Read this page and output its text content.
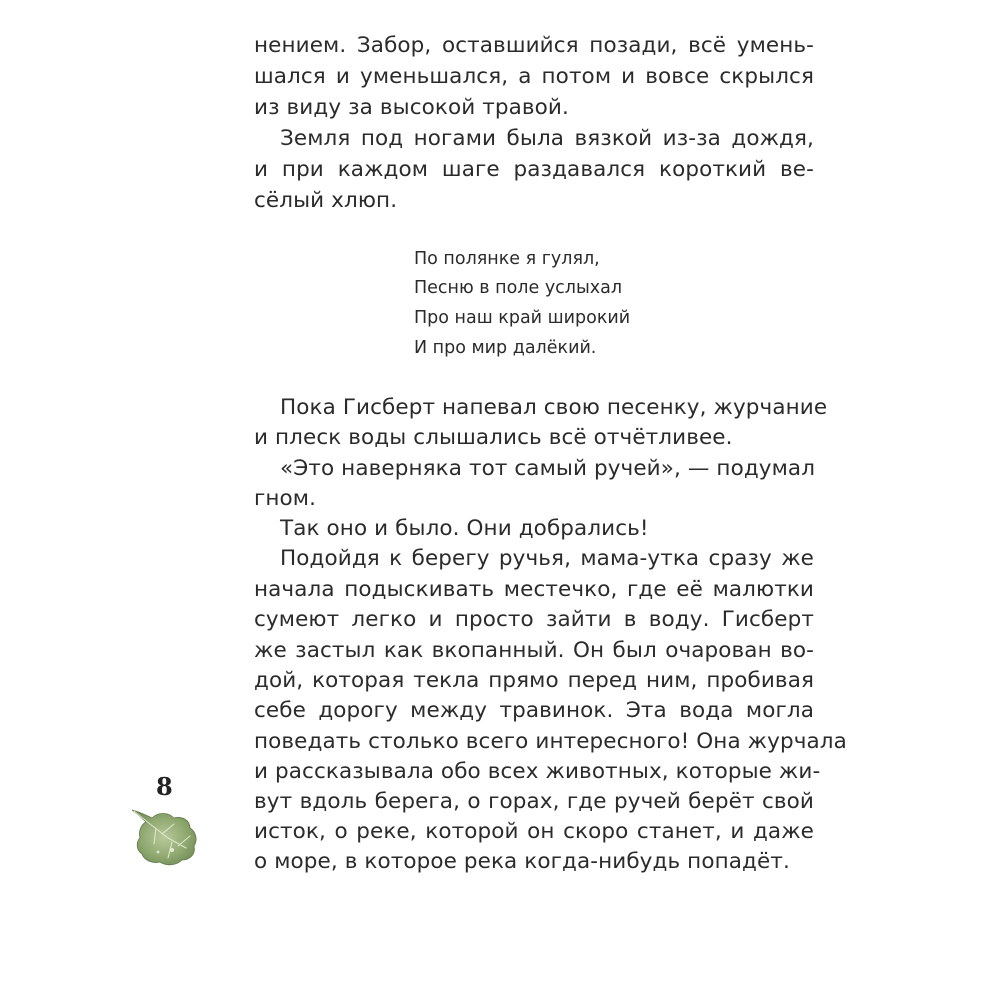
нением. Забор, оставшийся позади, всё умень-
шался и уменьшался, а потом и вовсе скрылся
из виду за высокой травой.
Земля под ногами была вязкой из-за дождя,
и при каждом шаге раздавался короткий ве-
сёлый хлюп.
По полянке я гулял,
Песню в поле услыхал
Про наш край широкий
И про мир далёкий.
Пока Гисберт напевал свою песенку, журчание
и плеск воды слышались всё отчётливее.
«Это наверняка тот самый ручей», — подумал
гном.
Так оно и было. Они добрались!
Подойдя к берегу ручья, мама-утка сразу же
начала подыскивать местечко, где её малютки
сумеют легко и просто зайти в воду. Гисберт
же застыл как вкопанный. Он был очарован во-
дой, которая текла прямо перед ним, пробивая
себе дорогу между травинок. Эта вода могла
поведать столько всего интересного! Она журчала
и рассказывала обо всех животных, которые жи-
вут вдоль берега, о горах, где ручей берёт свой
исток, о реке, которой он скоро станет, и даже
о море, в которое река когда-нибудь попадёт.
8
